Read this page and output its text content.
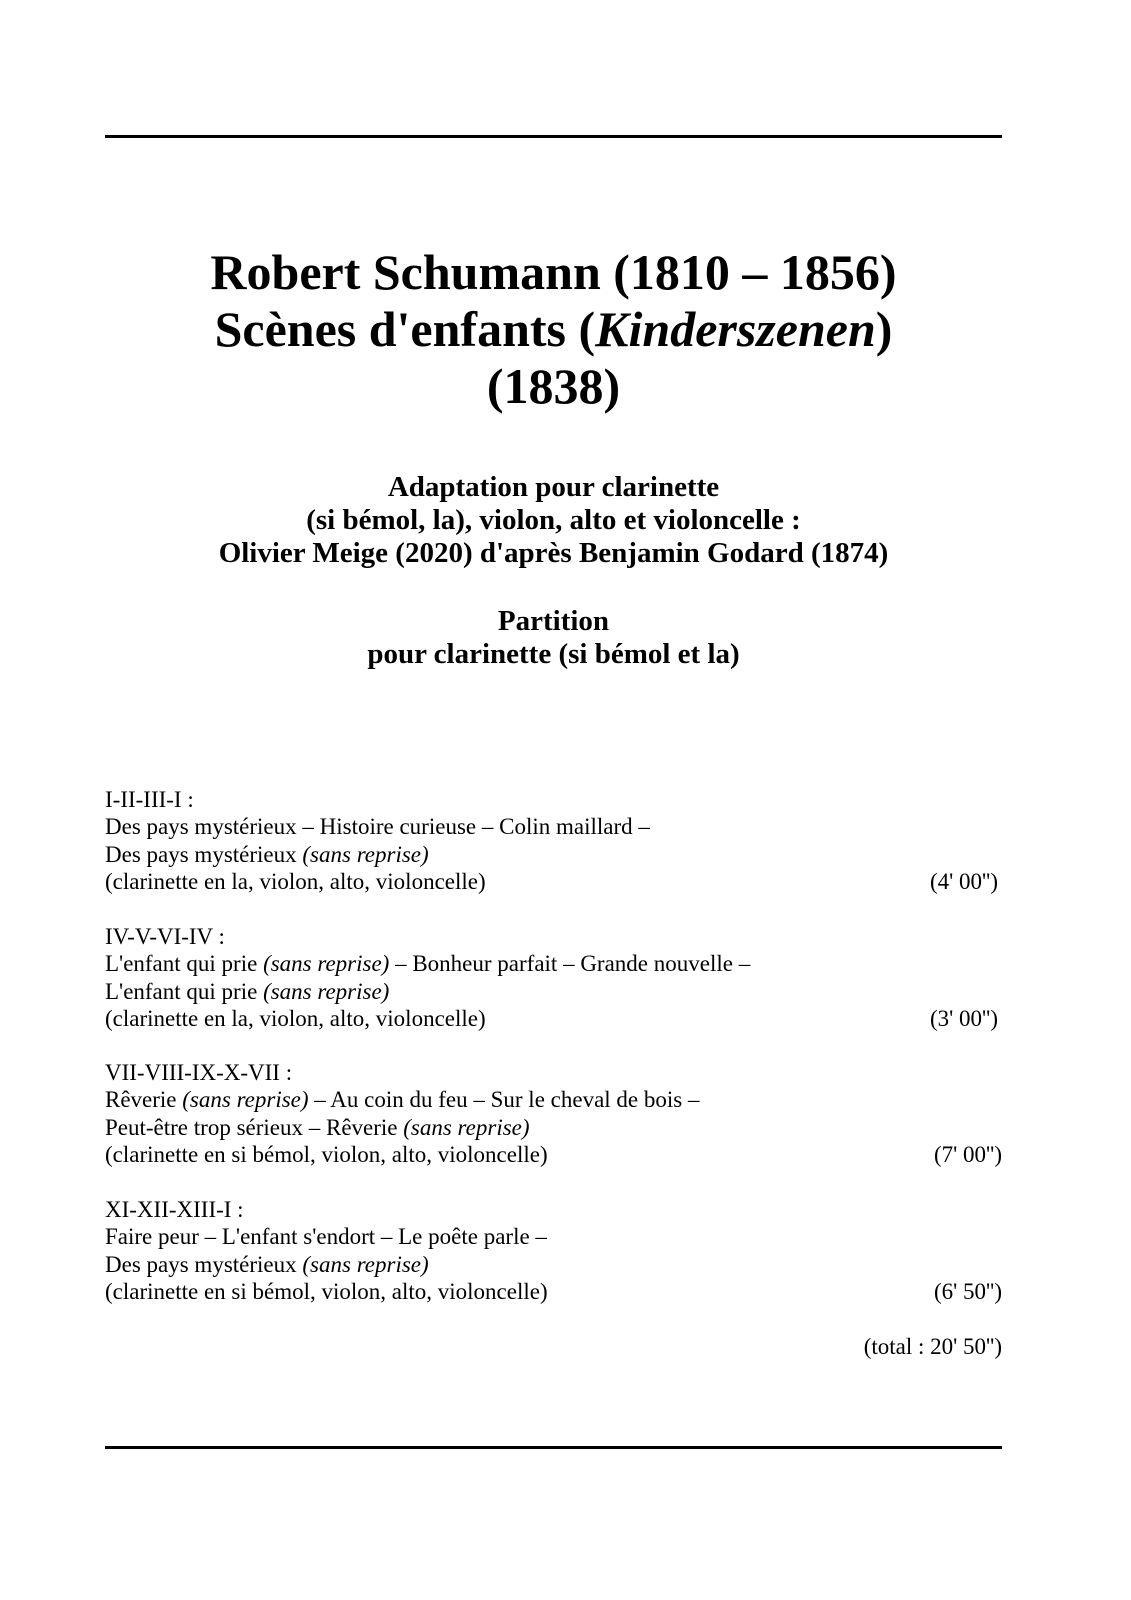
Robert Schumann (1810 – 1856)
Scènes d'enfants (Kinderszenen)
(1838)
Adaptation pour clarinette
(si bémol, la), violon, alto et violoncelle :
Olivier Meige (2020) d'après Benjamin Godard (1874)
Partition
pour clarinette (si bémol et la)
I-II-III-I :
Des pays mystérieux – Histoire curieuse – Colin maillard –
Des pays mystérieux (sans reprise)
(clarinette en la, violon, alto, violoncelle)	(4' 00'')
IV-V-VI-IV :
L'enfant qui prie (sans reprise) – Bonheur parfait – Grande nouvelle –
L'enfant qui prie (sans reprise)
(clarinette en la, violon, alto, violoncelle)	(3' 00'')
VII-VIII-IX-X-VII :
Rêverie (sans reprise) – Au coin du feu – Sur le cheval de bois –
Peut-être trop sérieux – Rêverie (sans reprise)
(clarinette en si bémol, violon, alto, violoncelle)	(7' 00'')
XI-XII-XIII-I :
Faire peur – L'enfant s'endort – Le poête parle –
Des pays mystérieux (sans reprise)
(clarinette en si bémol, violon, alto, violoncelle)	(6' 50'')
(total : 20' 50'')
